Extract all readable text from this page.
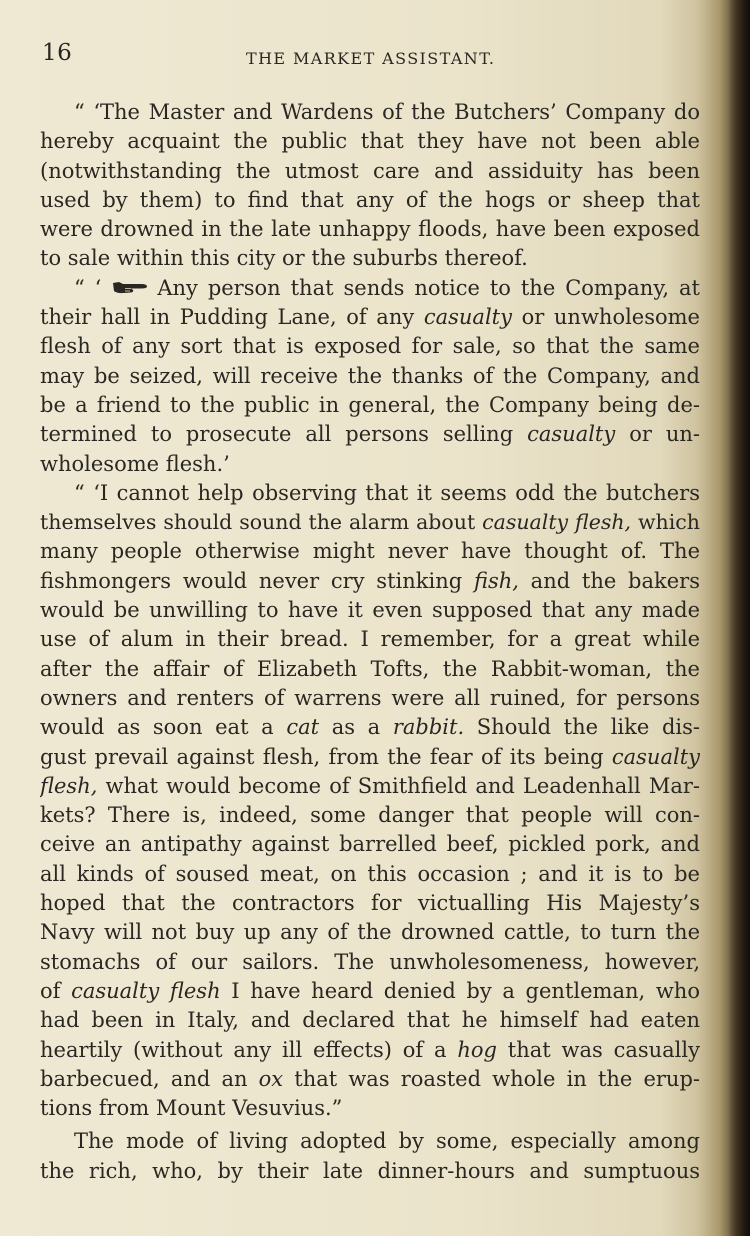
16	THE MARKET ASSISTANT.
“ ‘The Master and Wardens of the Butchers’ Company do
hereby acquaint the public that they have not been able
(notwithstanding the utmost care and assiduity has been
used by them) to find that any of the hogs or sheep that
were drowned in the late unhappy floods, have been exposed
to sale within this city or the suburbs thereof.
“ ‘	Any person that sends notice to the Company, at
their hall in Pudding Lane, of any casualty or unwholesome
flesh of any sort that is exposed for sale, so that the same
may be seized, will receive the thanks of the Company, and
be a friend to the public in general, the Company being de-
termined to prosecute all persons selling casualty or un-
wholesome flesh.’
“ ‘I cannot help observing that it seems odd the butchers
themselves should sound the alarm about casualty flesh, which
many people otherwise might never have thought of. The
fishmongers would never cry stinking fish, and the bakers
would be unwilling to have it even supposed that any made
use of alum in their bread. I remember, for a great while
after the affair of Elizabeth Tofts, the Rabbit-woman, the
owners and renters of warrens were all ruined, for persons
would as soon eat a cat as a rabbit. Should the like dis-
gust prevail against flesh, from the fear of its being casualty
flesh, what would become of Smithfield and Leadenhall Mar-
kets? There is, indeed, some danger that people will con-
ceive an antipathy against barrelled beef, pickled pork, and
all kinds of soused meat, on this occasion ; and it is to be
hoped that the contractors for victualling His Majesty’s
Navy will not buy up any of the drowned cattle, to turn the
stomachs of our sailors. The unwholesomeness, however,
of casualty flesh I have heard denied by a gentleman, who
had been in Italy, and declared that he himself had eaten
heartily (without any ill effects) of a hog that was casually
barbecued, and an ox that was roasted whole in the erup-
tions from Mount Vesuvius.”
The mode of living adopted by some, especially among
the rich, who, by their late dinner-hours and sumptuous
